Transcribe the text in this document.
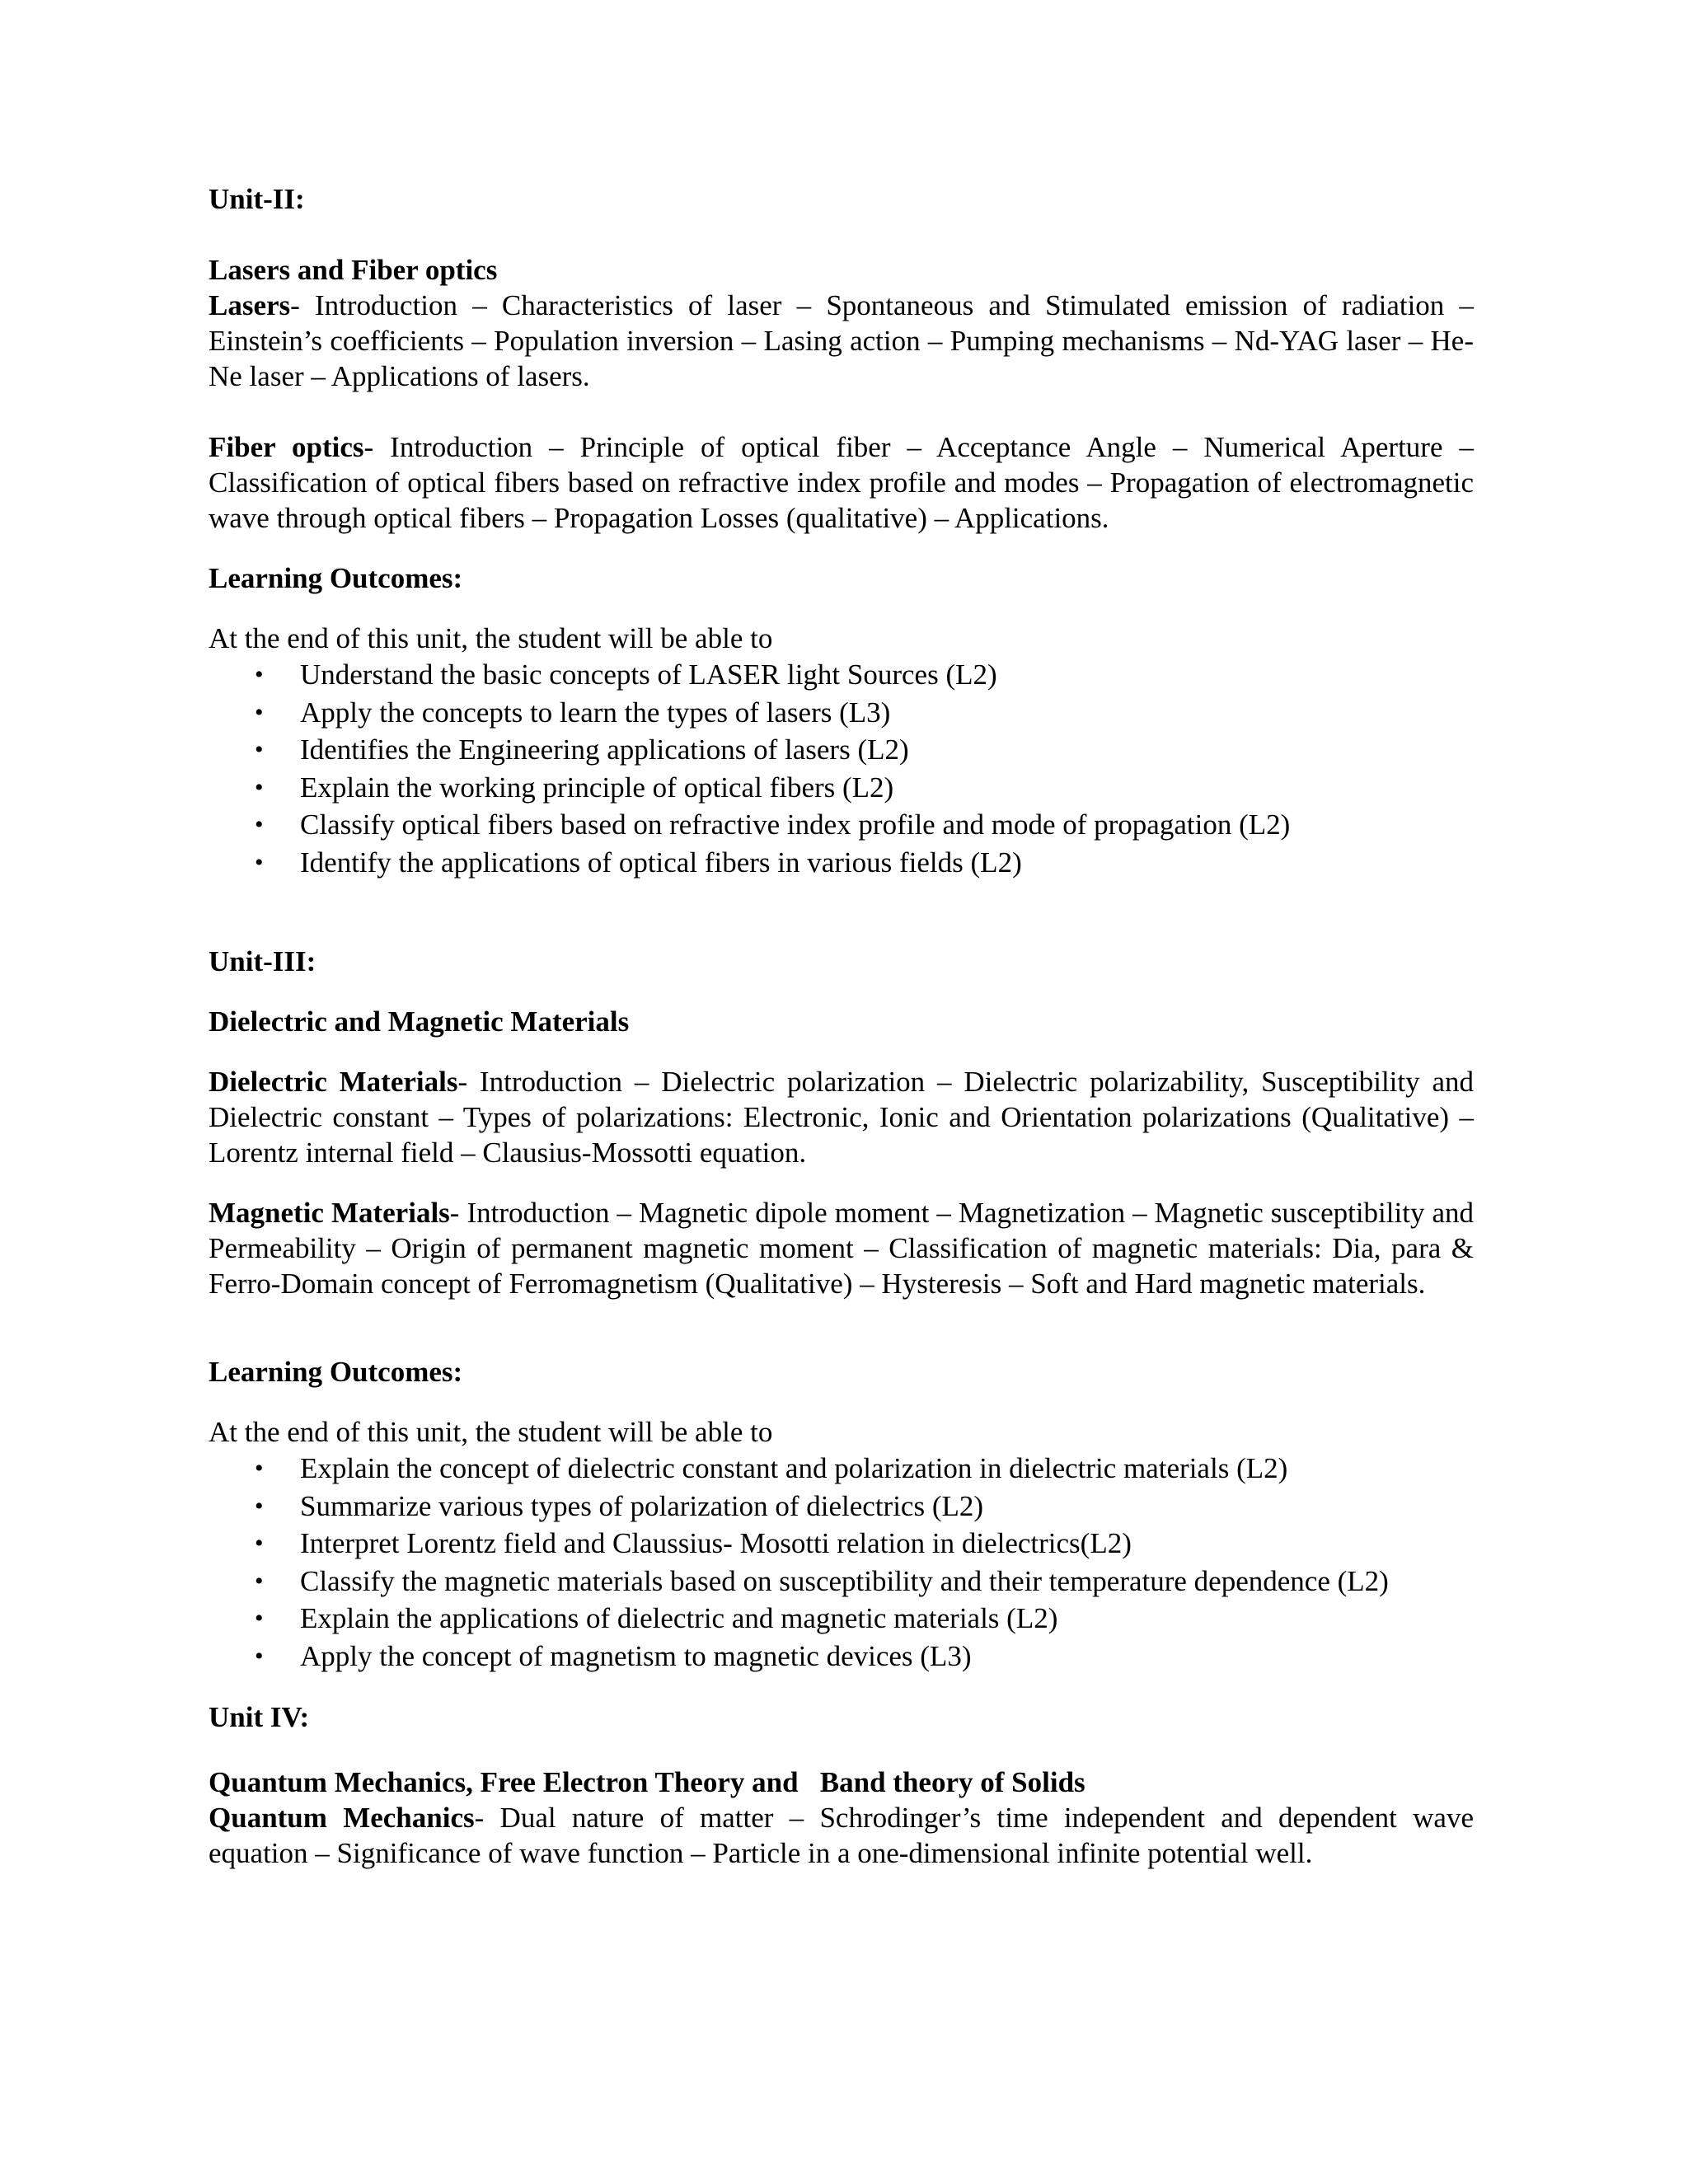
Unit-II:

Lasers and Fiber optics

Lasers- Introduction – Characteristics of laser – Spontaneous and Stimulated emission of radiation – Einstein’s coefficients – Population inversion – Lasing action – Pumping mechanisms – Nd-YAG laser – He-Ne laser – Applications of lasers.

Fiber optics- Introduction – Principle of optical fiber – Acceptance Angle – Numerical Aperture – Classification of optical fibers based on refractive index profile and modes – Propagation of electromagnetic wave through optical fibers – Propagation Losses (qualitative) – Applications.

Learning Outcomes:

At the end of this unit, the student will be able to

• Understand the basic concepts of LASER light Sources (L2)
• Apply the concepts to learn the types of lasers (L3)
• Identifies the Engineering applications of lasers (L2)
• Explain the working principle of optical fibers (L2)
• Classify optical fibers based on refractive index profile and mode of propagation (L2)
• Identify the applications of optical fibers in various fields (L2)

Unit-III:

Dielectric and Magnetic Materials

Dielectric Materials- Introduction – Dielectric polarization – Dielectric polarizability, Susceptibility and Dielectric constant – Types of polarizations: Electronic, Ionic and Orientation polarizations (Qualitative) – Lorentz internal field – Clausius-Mossotti equation.

Magnetic Materials- Introduction – Magnetic dipole moment – Magnetization – Magnetic susceptibility and Permeability – Origin of permanent magnetic moment – Classification of magnetic materials: Dia, para & Ferro-Domain concept of Ferromagnetism (Qualitative) – Hysteresis – Soft and Hard magnetic materials.

Learning Outcomes:

At the end of this unit, the student will be able to

• Explain the concept of dielectric constant and polarization in dielectric materials (L2)
• Summarize various types of polarization of dielectrics (L2)
• Interpret Lorentz field and Claussius- Mosotti relation in dielectrics(L2)
• Classify the magnetic materials based on susceptibility and their temperature dependence (L2)
• Explain the applications of dielectric and magnetic materials (L2)
• Apply the concept of magnetism to magnetic devices (L3)

Unit IV:

Quantum Mechanics, Free Electron Theory and   Band theory of Solids

Quantum Mechanics- Dual nature of matter – Schrodinger’s time independent and dependent wave equation – Significance of wave function – Particle in a one-dimensional infinite potential well.
